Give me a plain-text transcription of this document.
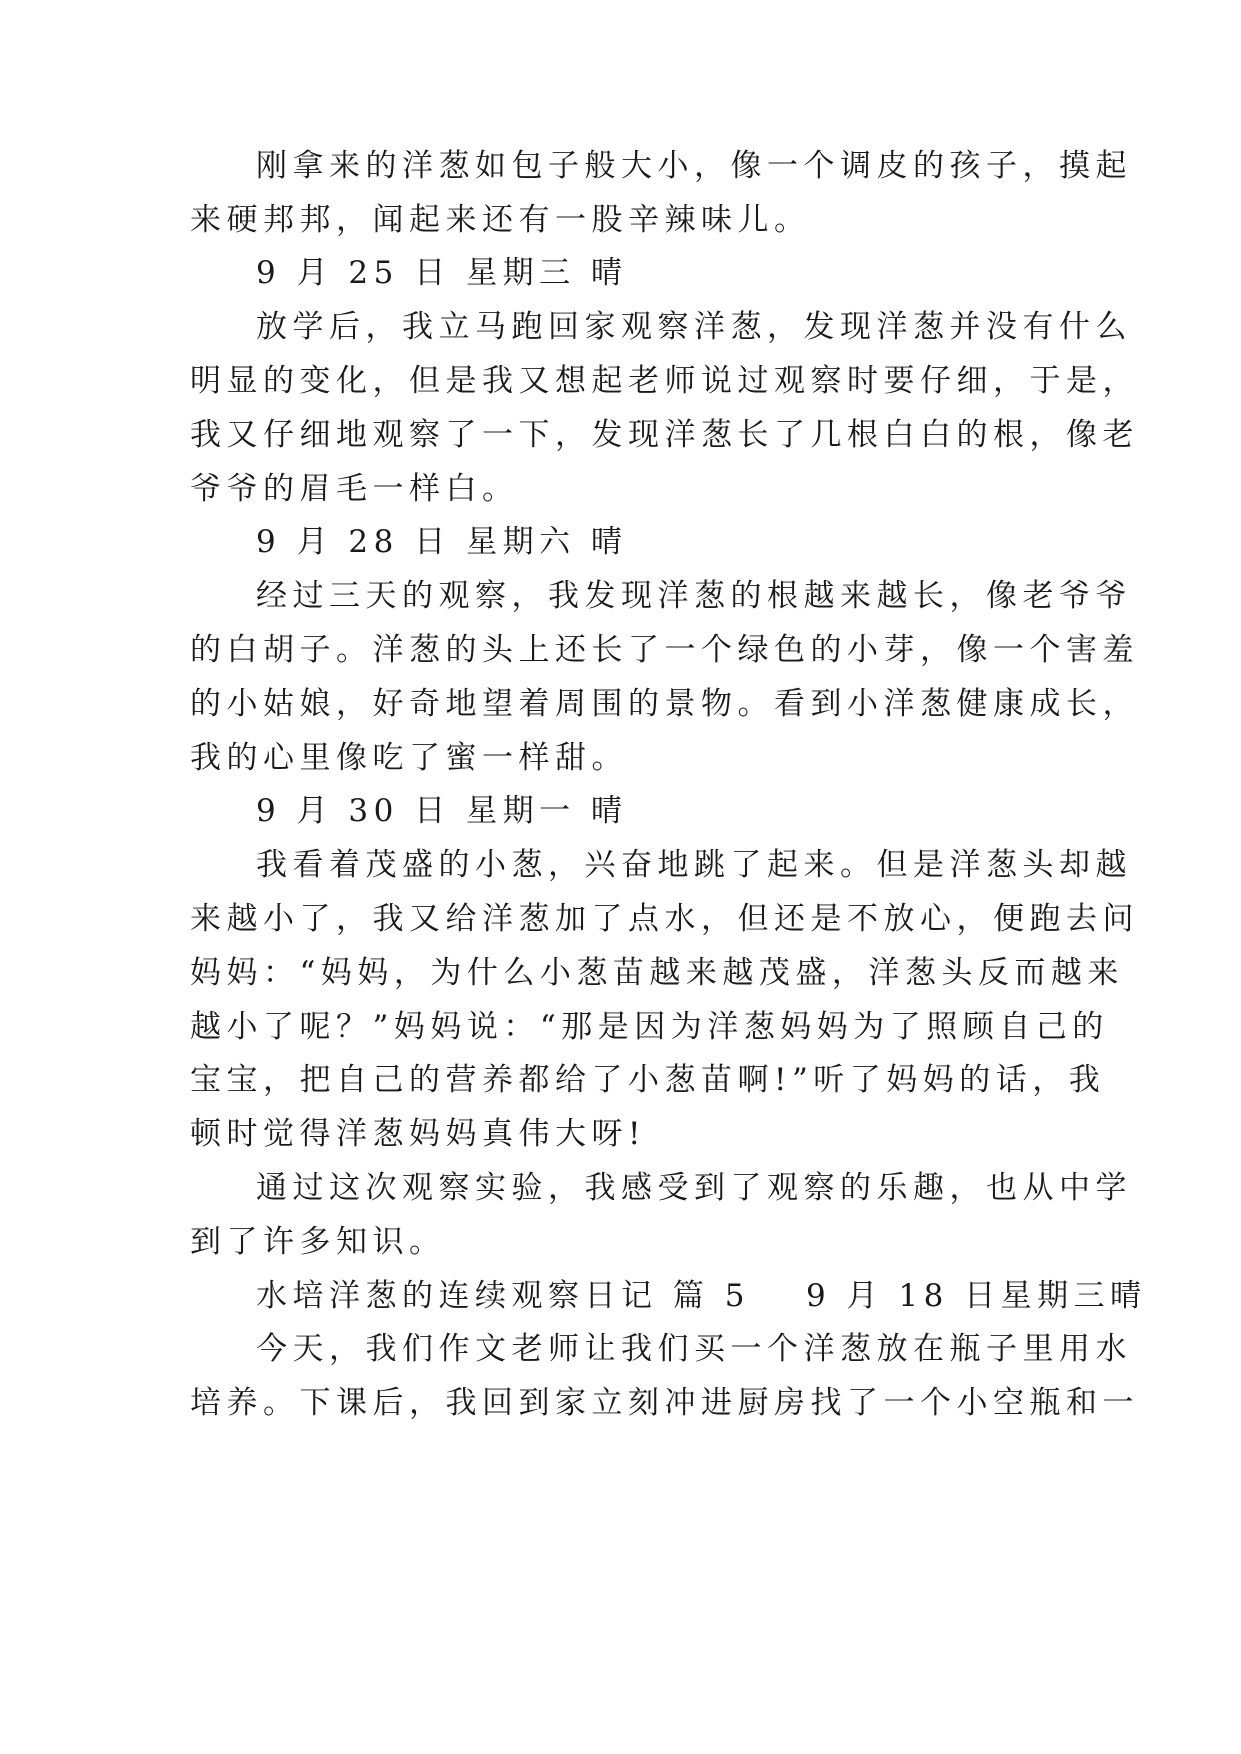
刚拿来的洋葱如包子般大小，像一个调皮的孩子，摸起
来硬邦邦，闻起来还有一股辛辣味儿。
9 月 25 日 星期三 晴
放学后，我立马跑回家观察洋葱，发现洋葱并没有什么
明显的变化，但是我又想起老师说过观察时要仔细，于是，
我又仔细地观察了一下，发现洋葱长了几根白白的根，像老
爷爷的眉毛一样白。
9 月 28 日 星期六 晴
经过三天的观察，我发现洋葱的根越来越长，像老爷爷
的白胡子。洋葱的头上还长了一个绿色的小芽，像一个害羞
的小姑娘，好奇地望着周围的景物。看到小洋葱健康成长，
我的心里像吃了蜜一样甜。
9 月 30 日 星期一 晴
我看着茂盛的小葱，兴奋地跳了起来。但是洋葱头却越
来越小了，我又给洋葱加了点水，但还是不放心，便跑去问
妈妈：“妈妈，为什么小葱苗越来越茂盛，洋葱头反而越来
越小了呢？”妈妈说：“那是因为洋葱妈妈为了照顾自己的
宝宝，把自己的营养都给了小葱苗啊!”听了妈妈的话，我
顿时觉得洋葱妈妈真伟大呀!
通过这次观察实验，我感受到了观察的乐趣，也从中学
到了许多知识。
水培洋葱的连续观察日记 篇 5 9 月 18 日星期三晴
今天，我们作文老师让我们买一个洋葱放在瓶子里用水
培养。下课后，我回到家立刻冲进厨房找了一个小空瓶和一
